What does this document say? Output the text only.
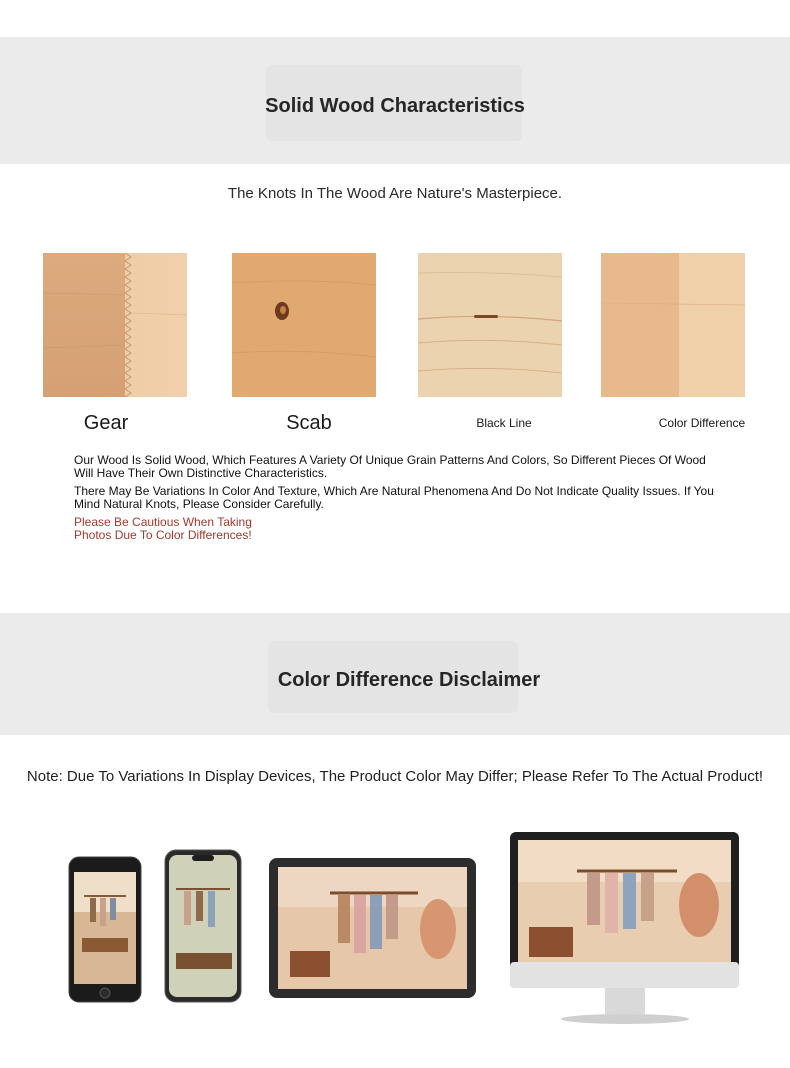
Solid Wood Characteristics
The Knots In The Wood Are Nature's Masterpiece.
Gear	Scab	Black Line	Color Difference
Our Wood Is Solid Wood, Which Features A Variety Of Unique Grain Patterns And Colors, So Different Pieces Of Wood Will Have Their Own Distinctive Characteristics.
There May Be Variations In Color And Texture, Which Are Natural Phenomena And Do Not Indicate Quality Issues. If You Mind Natural Knots, Please Consider Carefully.
Please Be Cautious When Taking Photos Due To Color Differences!
Color Difference Disclaimer
Note: Due To Variations In Display Devices, The Product Color May Differ; Please Refer To The Actual Product!
